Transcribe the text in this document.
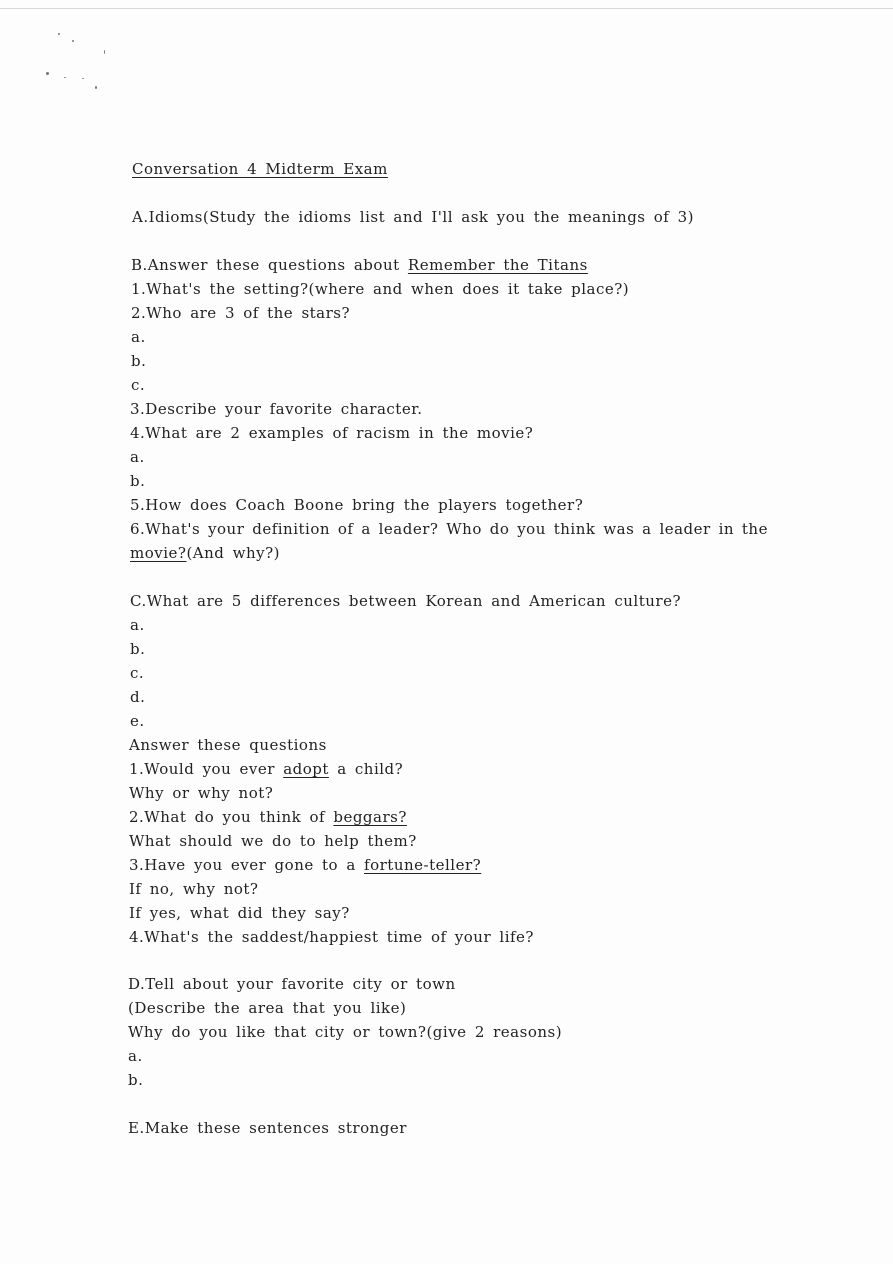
Conversation 4 Midterm Exam
A.Idioms(Study the idioms list and I'll ask you the meanings of 3)
B.Answer these questions about Remember the Titans
1.What's the setting?(where and when does it take place?)
2.Who are 3 of the stars?
a.
b.
c.
3.Describe your favorite character.
4.What are 2 examples of racism in the movie?
a.
b.
5.How does Coach Boone bring the players together?
6.What's your definition of a leader? Who do you think was a leader in the
movie?(And why?)
C.What are 5 differences between Korean and American culture?
a.
b.
c.
d.
e.
Answer these questions
1.Would you ever adopt a child?
Why or why not?
2.What do you think of beggars?
What should we do to help them?
3.Have you ever gone to a fortune-teller?
If no, why not?
If yes, what did they say?
4.What's the saddest/happiest time of your life?
D.Tell about your favorite city or town
(Describe the area that you like)
Why do you like that city or town?(give 2 reasons)
a.
b.
E.Make these sentences stronger
